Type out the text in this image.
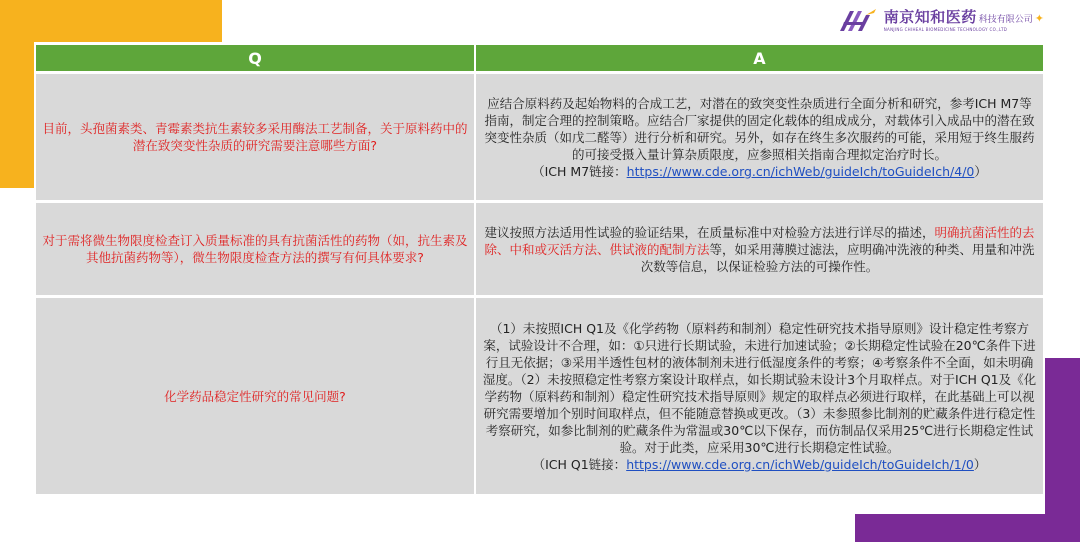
南京知和医药 科技有限公司 ✦
NANJING CHIHEAL BIOMEDICINE TECHNOLOGY CO.,LTD
Q	A
目前，头孢菌素类、青霉素类抗生素较多采用酶法工艺制备，关于原料药中的潜在致突变性杂质的研究需要注意哪些方面?	应结合原料药及起始物料的合成工艺，对潜在的致突变性杂质进行全面分析和研究，参考ICH M7等指南，制定合理的控制策略。应结合厂家提供的固定化载体的组成成分，对载体引入成品中的潜在致突变性杂质（如戊二醛等）进行分析和研究。另外，如存在终生多次服药的可能，采用短于终生服药的可接受摄入量计算杂质限度，应参照相关指南合理拟定治疗时长。
（ICH M7链接：https://www.cde.org.cn/ichWeb/guideIch/toGuideIch/4/0）
对于需将微生物限度检查订入质量标准的具有抗菌活性的药物（如，抗生素及其他抗菌药物等），微生物限度检查方法的撰写有何具体要求?	建议按照方法适用性试验的验证结果，在质量标准中对检验方法进行详尽的描述，明确抗菌活性的去除、中和或灭活方法、供试液的配制方法等，如采用薄膜过滤法，应明确冲洗液的种类、用量和冲洗次数等信息，以保证检验方法的可操作性。
化学药品稳定性研究的常见问题?	（1）未按照ICH Q1及《化学药物（原料药和制剂）稳定性研究技术指导原则》设计稳定性考察方案，试验设计不合理，如：①只进行长期试验，未进行加速试验；②长期稳定性试验在20℃条件下进行且无依据；③采用半透性包材的液体制剂未进行低湿度条件的考察；④考察条件不全面，如未明确湿度。（2）未按照稳定性考察方案设计取样点，如长期试验未设计3个月取样点。对于ICH Q1及《化学药物（原料药和制剂）稳定性研究技术指导原则》规定的取样点必须进行取样，在此基础上可以视研究需要增加个别时间取样点，但不能随意替换或更改。（3）未参照参比制剂的贮藏条件进行稳定性考察研究，如参比制剂的贮藏条件为常温或30℃以下保存，而仿制品仅采用25℃进行长期稳定性试验。对于此类，应采用30℃进行长期稳定性试验。
（ICH Q1链接：https://www.cde.org.cn/ichWeb/guideIch/toGuideIch/1/0）
